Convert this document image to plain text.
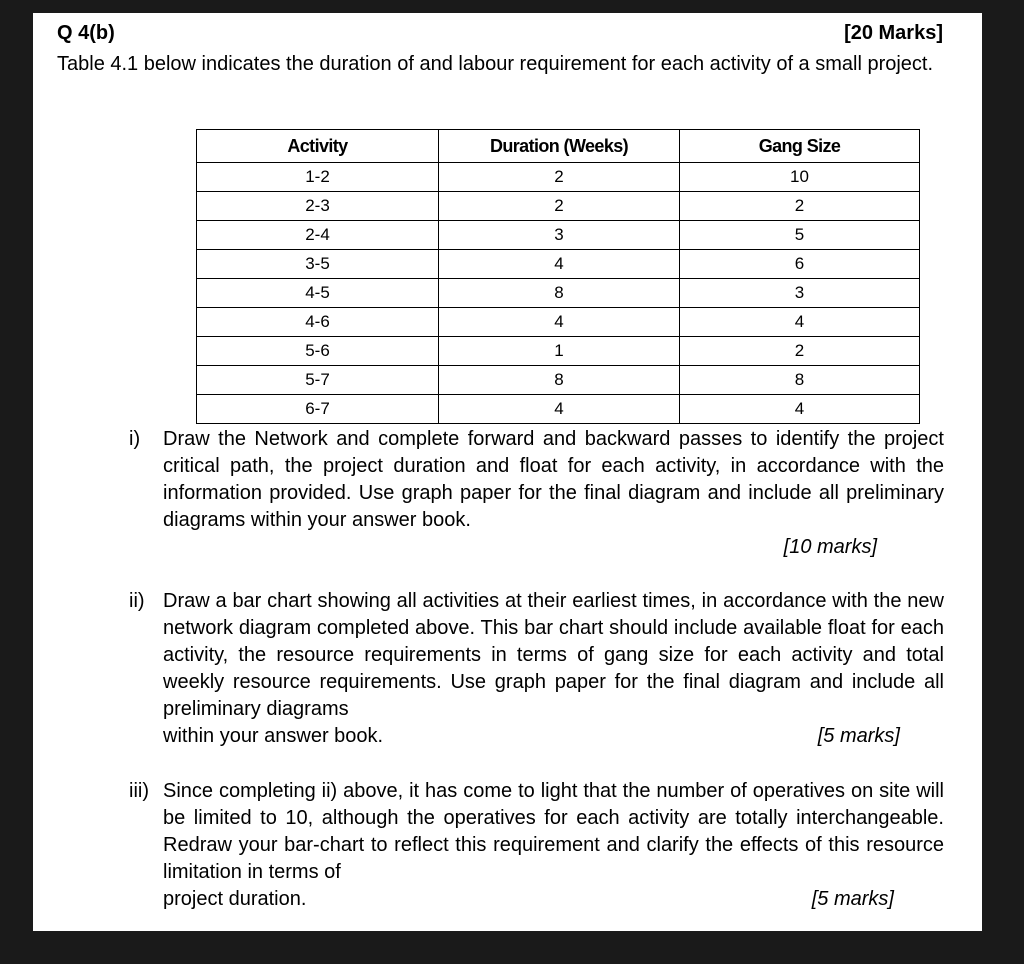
Q 4(b)	[20 Marks]

Table 4.1 below indicates the duration of and labour requirement for each activity of a small project.

Activity	Duration (Weeks)	Gang Size
1-2	2	10
2-3	2	2
2-4	3	5
3-5	4	6
4-5	8	3
4-6	4	4
5-6	1	2
5-7	8	8
6-7	4	4
i) Draw the Network and complete forward and backward passes to identify the project critical path, the project duration and float for each activity, in accordance with the information provided. Use graph paper for the final diagram and include all preliminary diagrams within your answer book.
[10 marks]
ii) Draw a bar chart showing all activities at their earliest times, in accordance with the new network diagram completed above. This bar chart should include available float for each activity, the resource requirements in terms of gang size for each activity and total weekly resource requirements. Use graph paper for the final diagram and include all preliminary diagrams
within your answer book.	[5 marks]
iii) Since completing ii) above, it has come to light that the number of operatives on site will be limited to 10, although the operatives for each activity are totally interchangeable. Redraw your bar-chart to reflect this requirement and clarify the effects of this resource limitation in terms of
project duration.	[5 marks]
